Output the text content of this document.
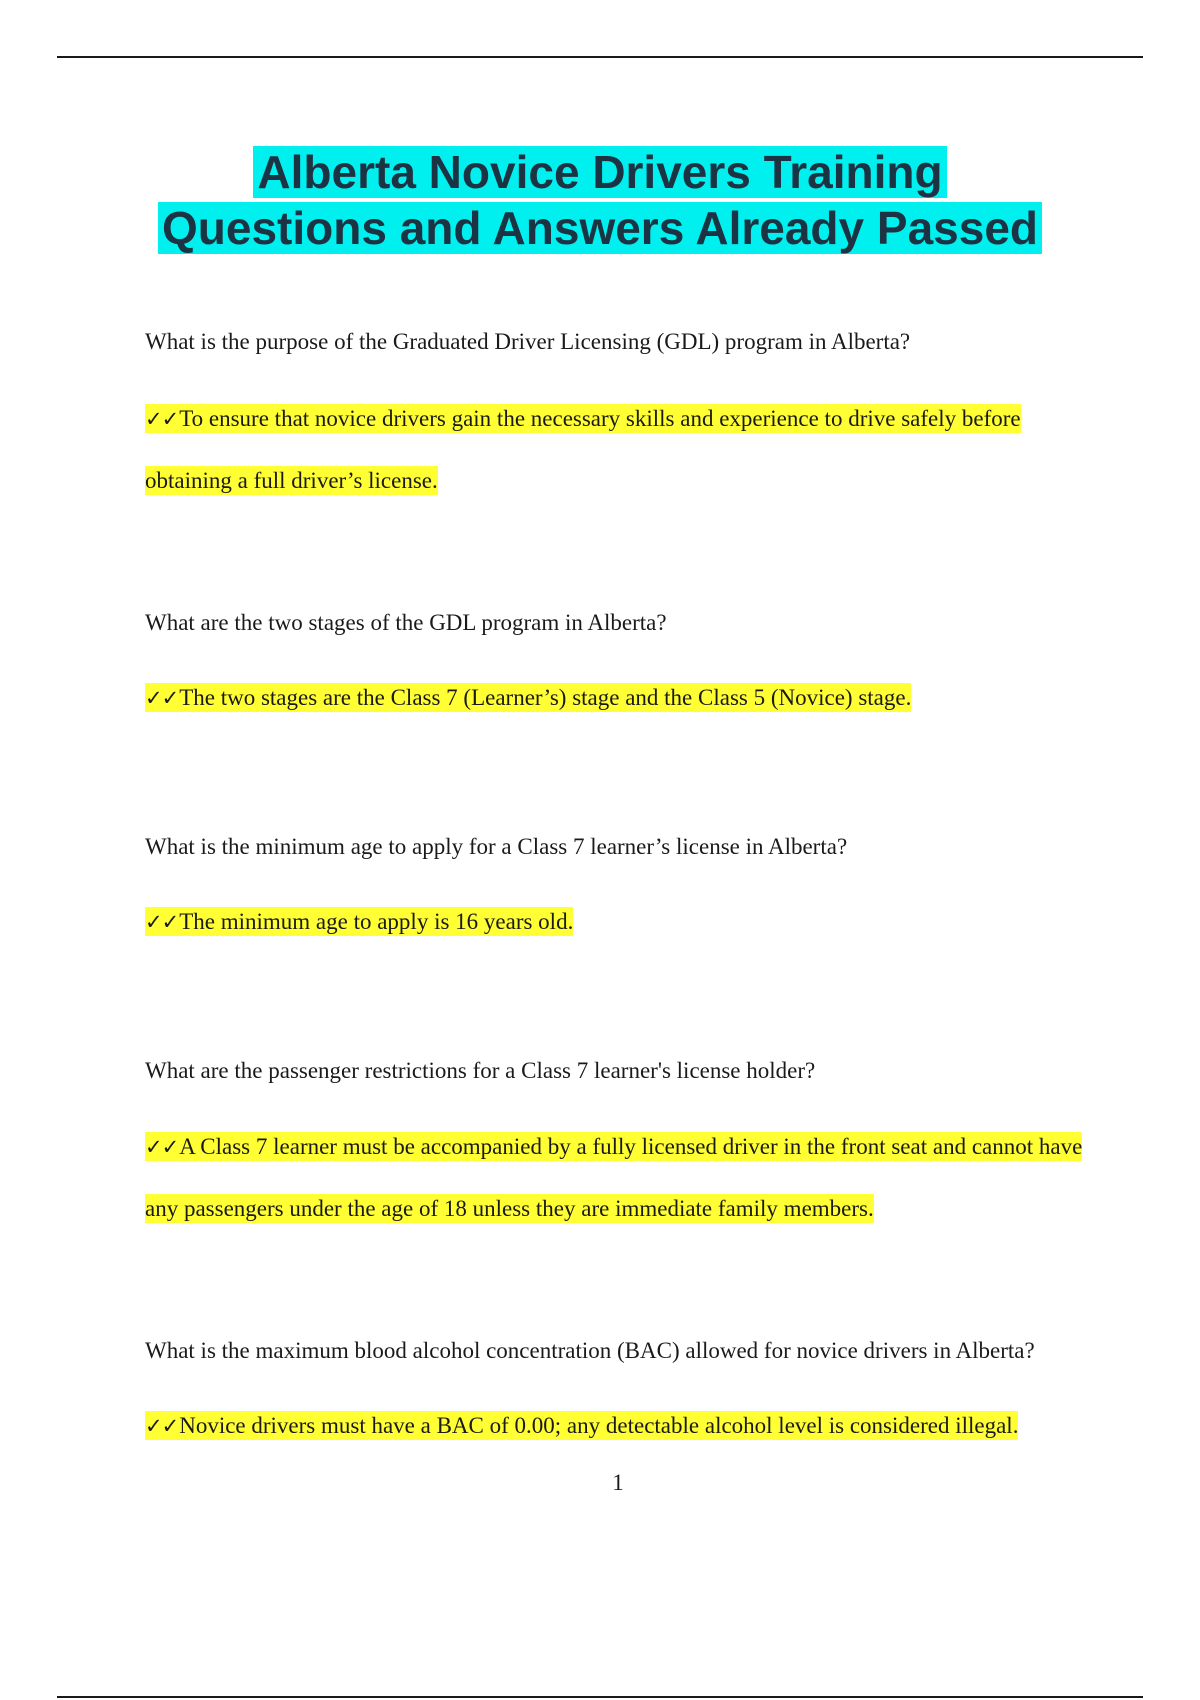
Alberta Novice Drivers Training
Questions and Answers Already Passed

What is the purpose of the Graduated Driver Licensing (GDL) program in Alberta?

✓✓To ensure that novice drivers gain the necessary skills and experience to drive safely before obtaining a full driver’s license.

What are the two stages of the GDL program in Alberta?

✓✓The two stages are the Class 7 (Learner’s) stage and the Class 5 (Novice) stage.

What is the minimum age to apply for a Class 7 learner’s license in Alberta?

✓✓The minimum age to apply is 16 years old.

What are the passenger restrictions for a Class 7 learner's license holder?

✓✓A Class 7 learner must be accompanied by a fully licensed driver in the front seat and cannot have any passengers under the age of 18 unless they are immediate family members.

What is the maximum blood alcohol concentration (BAC) allowed for novice drivers in Alberta?

✓✓Novice drivers must have a BAC of 0.00; any detectable alcohol level is considered illegal.

1
